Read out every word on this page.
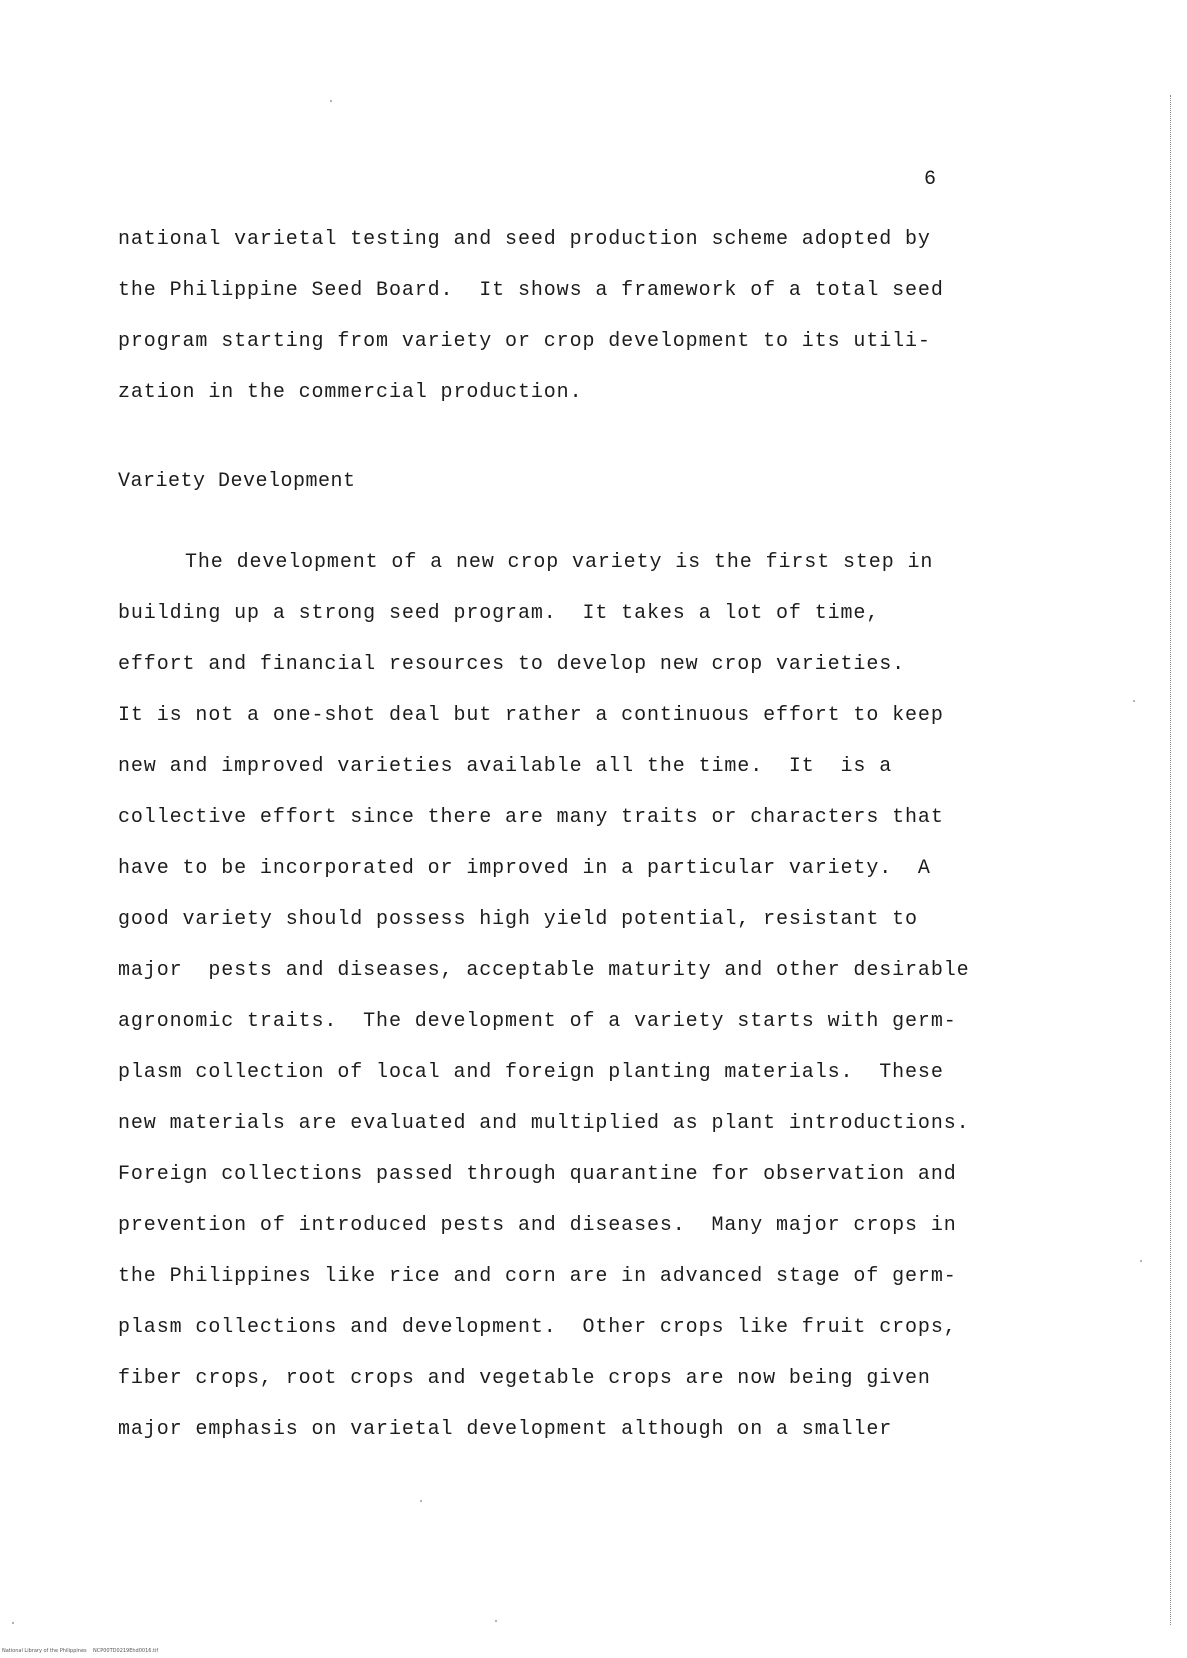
6
national varietal testing and seed production scheme adopted by
the Philippine Seed Board.  It shows a framework of a total seed
program starting from variety or crop development to its utili-
zation in the commercial production.
Variety Development
The development of a new crop variety is the first step in
building up a strong seed program.  It takes a lot of time,
effort and financial resources to develop new crop varieties.
It is not a one-shot deal but rather a continuous effort to keep
new and improved varieties available all the time.  It  is a
collective effort since there are many traits or characters that
have to be incorporated or improved in a particular variety.  A
good variety should possess high yield potential, resistant to
major  pests and diseases, acceptable maturity and other desirable
agronomic traits.  The development of a variety starts with germ-
plasm collection of local and foreign planting materials.  These
new materials are evaluated and multiplied as plant introductions.
Foreign collections passed through quarantine for observation and
prevention of introduced pests and diseases.  Many major crops in
the Philippines like rice and corn are in advanced stage of germ-
plasm collections and development.  Other crops like fruit crops,
fiber crops, root crops and vegetable crops are now being given
major emphasis on varietal development although on a smaller
National Library of the Philippines    NCP00TD0219Ehd0016.tif
